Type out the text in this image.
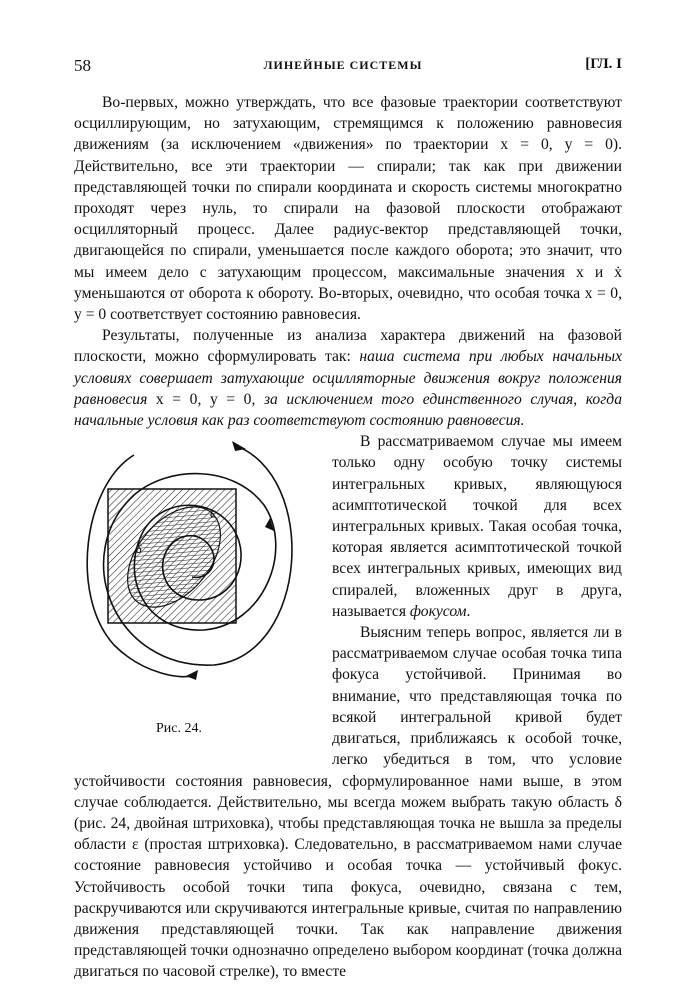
58	ЛИНЕЙНЫЕ СИСТЕМЫ	[ГЛ. I

Во-первых, можно утверждать, что все фазовые траектории соответствуют осциллирующим, но затухающим, стремящимся к положению равновесия движениям (за исключением «движения» по траектории x = 0, y = 0). Действительно, все эти траектории — спирали; так как при движении представляющей точки по спирали координата и скорость системы многократно проходят через нуль, то спирали на фазовой плоскости отображают осцилляторный процесс. Далее радиус-вектор представляющей точки, двигающейся по спирали, уменьшается после каждого оборота; это значит, что мы имеем дело с затухающим процессом, максимальные значения x и ẋ уменьшаются от оборота к обороту. Во-вторых, очевидно, что особая точка x = 0, y = 0 соответствует состоянию равновесия.

Результаты, полученные из анализа характера движений на фазовой плоскости, можно сформулировать так: наша система при любых начальных условиях совершает затухающие осцилляторные движения вокруг положения равновесия x = 0, y = 0, за исключением того единственного случая, когда начальные условия как раз соответствуют состоянию равновесия.

ε
δ
Рис. 24.

В рассматриваемом случае мы имеем только одну особую точку системы интегральных кривых, являющуюся асимптотической точкой для всех интегральных кривых. Такая особая точка, которая является асимптотической точкой всех интегральных кривых, имеющих вид спиралей, вложенных друг в друга, называется фокусом.

Выясним теперь вопрос, является ли в рассматриваемом случае особая точка типа фокуса устойчивой. Принимая во внимание, что представляющая точка по всякой интегральной кривой будет двигаться, приближаясь к особой точке, легко убедиться в том, что условие устойчивости состояния равновесия, сформулированное нами выше, в этом случае соблюдается. Действительно, мы всегда можем выбрать такую область δ (рис. 24, двойная штриховка), чтобы представляющая точка не вышла за пределы области ε (простая штриховка). Следовательно, в рассматриваемом нами случае состояние равновесия устойчиво и особая точка — устойчивый фокус. Устойчивость особой точки типа фокуса, очевидно, связана с тем, раскручиваются или скручиваются интегральные кривые, считая по направлению движения представляющей точки. Так как направление движения представляющей точки однозначно определено выбором координат (точка должна двигаться по часовой стрелке), то вместе
